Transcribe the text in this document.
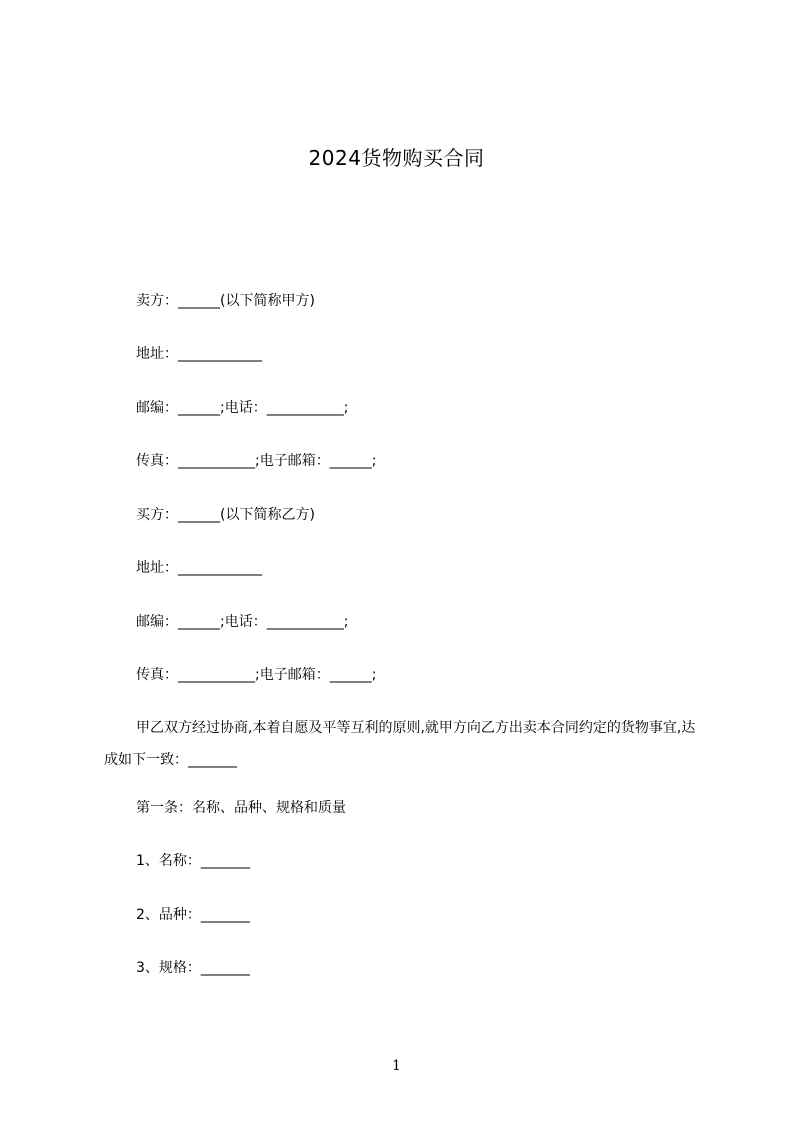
2024货物购买合同
卖方：______(以下简称甲方)
地址：____________
邮编：______;电话：___________;
传真：___________;电子邮箱：______;
买方：______(以下简称乙方)
地址：____________
邮编：______;电话：___________;
传真：___________;电子邮箱：______;
甲乙双方经过协商,本着自愿及平等互利的原则,就甲方向乙方出卖本合同约定的货物事宜,达成如下一致：_______
第一条：名称、品种、规格和质量
1、名称：_______
2、品种：_______
3、规格：_______
1
